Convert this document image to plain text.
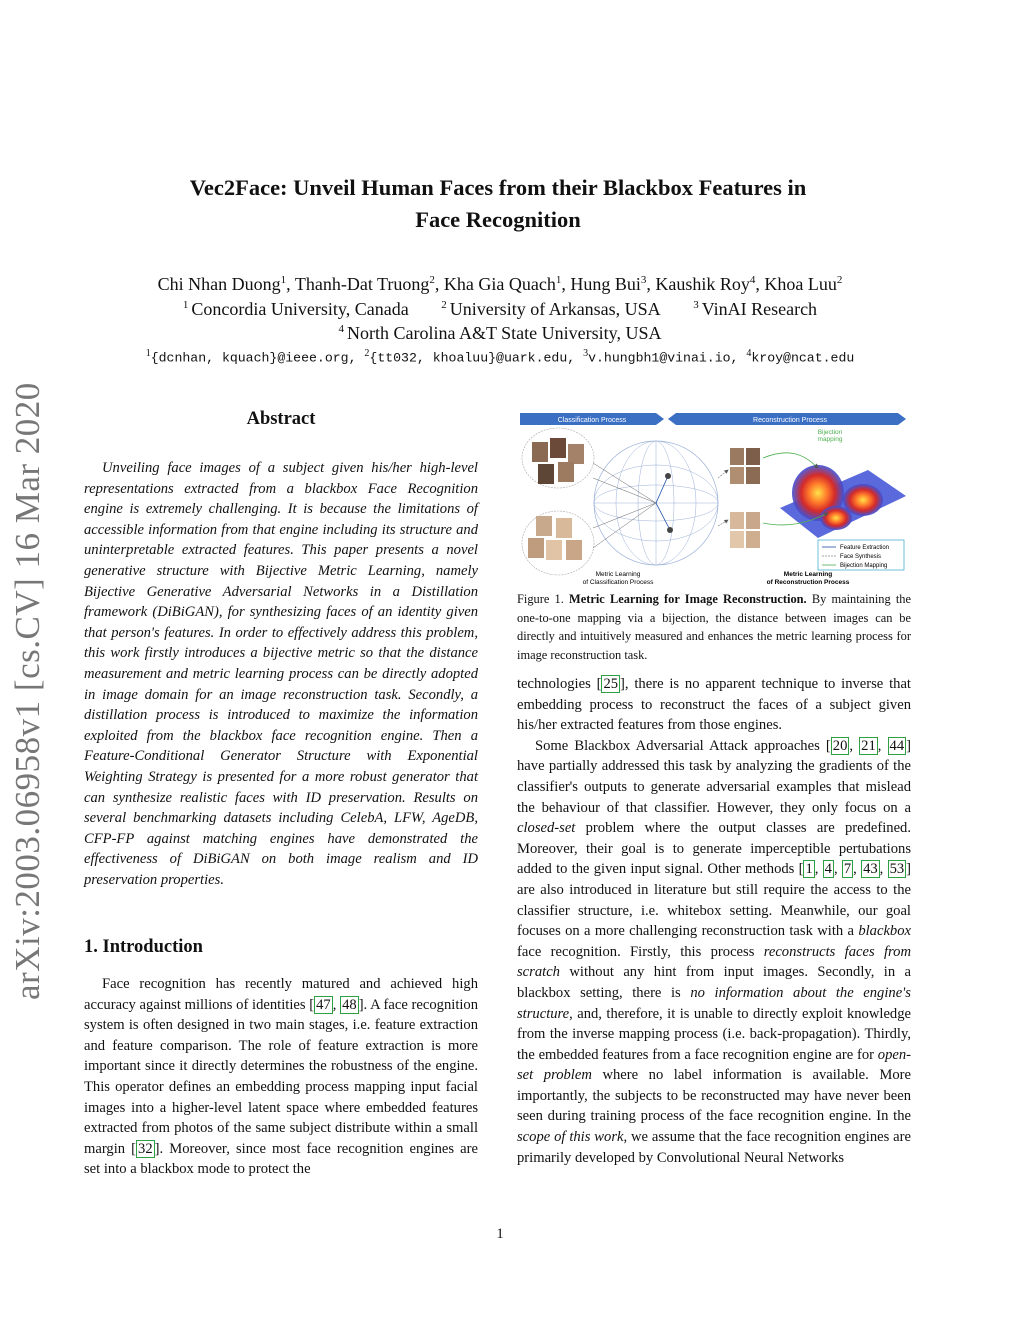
arXiv:2003.06958v1 [cs.CV] 16 Mar 2020
Vec2Face: Unveil Human Faces from their Blackbox Features in
Face Recognition
Chi Nhan Duong$^1$, Thanh-Dat Truong$^2$, Kha Gia Quach$^1$, Hung Bui$^3$, Kaushik Roy$^4$, Khoa Luu$^2$
$^1$ Concordia University, Canada	$^2$ University of Arkansas, USA	$^3$ VinAI Research
$^4$ North Carolina A&T State University, USA
$^1${dcnhan, kquach}@ieee.org, $^2${tt032, khoaluu}@uark.edu, $^3$v.hungbh1@vinai.io, $^4$kroy@ncat.edu
Abstract

Unveiling face images of a subject given his/her high-level representations extracted from a blackbox Face Recognition engine is extremely challenging. It is because the limitations of accessible information from that engine including its structure and uninterpretable extracted features. This paper presents a novel generative structure with Bijective Metric Learning, namely Bijective Generative Adversarial Networks in a Distillation framework (DiBiGAN), for synthesizing faces of an identity given that person's features. In order to effectively address this problem, this work firstly introduces a bijective metric so that the distance measurement and metric learning process can be directly adopted in image domain for an image reconstruction task. Secondly, a distillation process is introduced to maximize the information exploited from the blackbox face recognition engine. Then a Feature-Conditional Generator Structure with Exponential Weighting Strategy is presented for a more robust generator that can synthesize realistic faces with ID preservation. Results on several benchmarking datasets including CelebA, LFW, AgeDB, CFP-FP against matching engines have demonstrated the effectiveness of DiBiGAN on both image realism and ID preservation properties.

1. Introduction

Face recognition has recently matured and achieved high accuracy against millions of identities [ 47 , 48 ]. A face recognition system is often designed in two main stages, i.e. feature extraction and feature comparison. The role of feature extraction is more important since it directly determines the robustness of the engine. This operator defines an embedding process mapping input facial images into a higher-level latent space where embedded features extracted from photos of the same subject distribute within a small margin [ 32 ]. Moreover, since most face recognition engines are set into a blackbox mode to protect the

Classification Process	Reconstruction Process
Bijection
mapping
Feature Extraction
Face Synthesis
Bijection Mapping
Metric Learning
of Classification Process
Metric Learning
of Reconstruction Process

Figure 1. Metric Learning for Image Reconstruction. By maintaining the one-to-one mapping via a bijection, the distance between images can be directly and intuitively measured and enhances the metric learning process for image reconstruction task.

technologies [ 25 ], there is no apparent technique to inverse that embedding process to reconstruct the faces of a subject given his/her extracted features from those engines.

Some Blackbox Adversarial Attack approaches [ 20 , 21 , 44 ] have partially addressed this task by analyzing the gradients of the classifier's outputs to generate adversarial examples that mislead the behaviour of that classifier. However, they only focus on a closed-set problem where the output classes are predefined. Moreover, their goal is to generate imperceptible pertubations added to the given input signal. Other methods [ 1 , 4 , 7 , 43 , 53 ] are also introduced in literature but still require the access to the classifier structure, i.e. whitebox setting. Meanwhile, our goal focuses on a more challenging reconstruction task with a blackbox face recognition. Firstly, this process reconstructs faces from scratch without any hint from input images. Secondly, in a blackbox setting, there is no information about the engine's structure, and, therefore, it is unable to directly exploit knowledge from the inverse mapping process (i.e. back-propagation). Thirdly, the embedded features from a face recognition engine are for open-set problem where no label information is available. More importantly, the subjects to be reconstructed may have never been seen during training process of the face recognition engine. In the scope of this work, we assume that the face recognition engines are primarily developed by Convolutional Neural Networks

1
